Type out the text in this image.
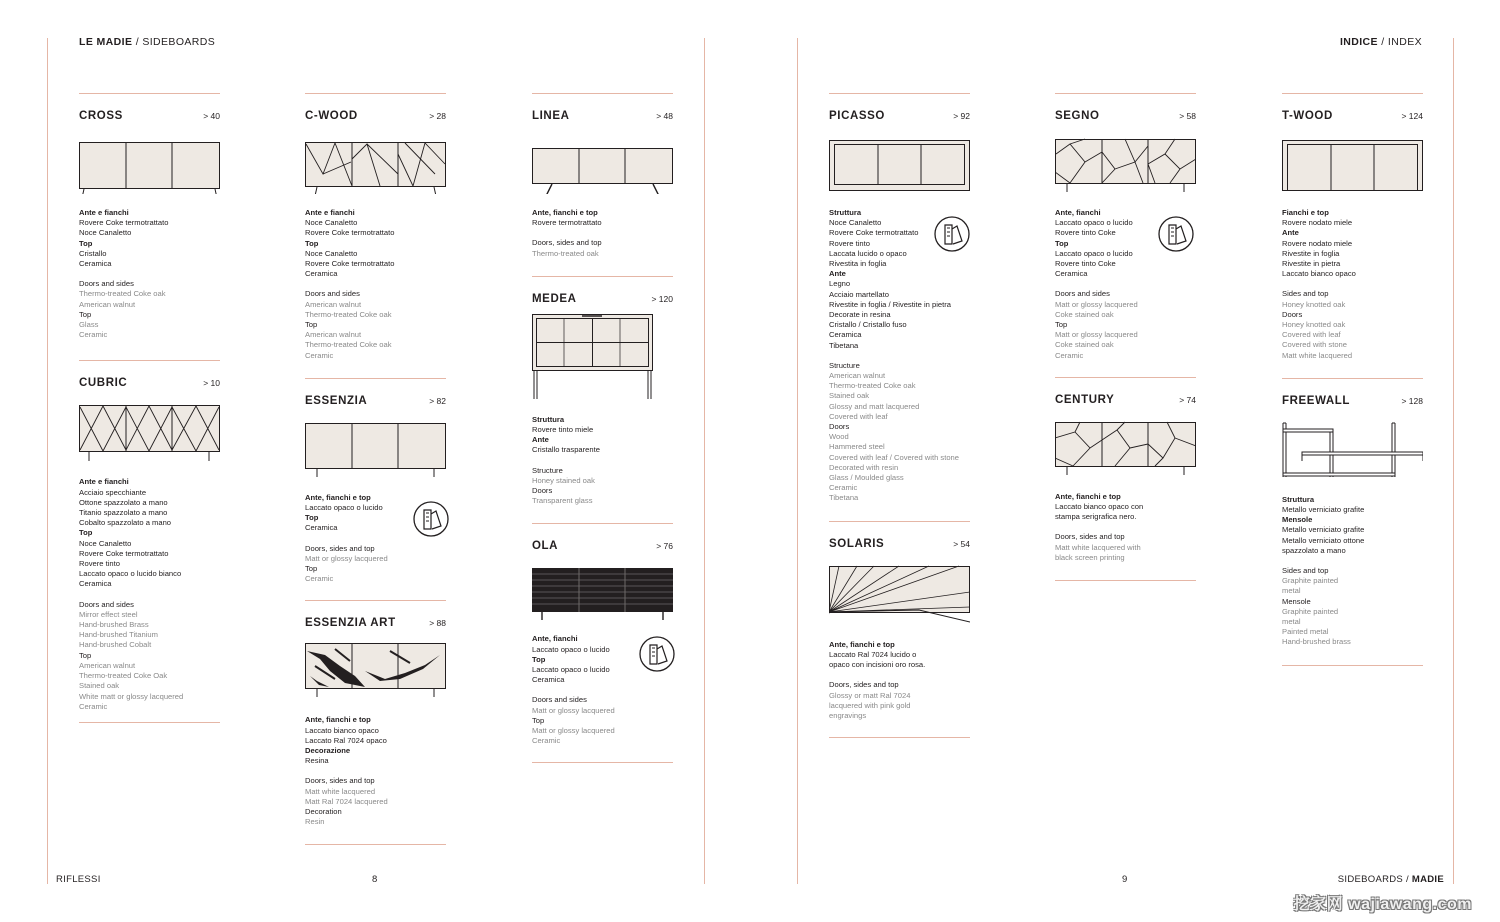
LE MADIE / SIDEBOARDS	INDICE / INDEX
CROSS	> 40
Ante e fianchi
Rovere Coke termotrattato
Noce Canaletto
Top
Cristallo
Ceramica
Doors and sides
Thermo-treated Coke oak
American walnut
Top
Glass
Ceramic
CUBRIC	> 10
Ante e fianchi
Acciaio specchiante
Ottone spazzolato a mano
Titanio spazzolato a mano
Cobalto spazzolato a mano
Top
Noce Canaletto
Rovere Coke termotrattato
Rovere tinto
Laccato opaco o lucido bianco
Ceramica
Doors and sides
Mirror effect steel
Hand-brushed Brass
Hand-brushed Titanium
Hand-brushed Cobalt
Top
American walnut
Thermo-treated Coke Oak
Stained oak
White matt or glossy lacquered
Ceramic
C-WOOD	> 28
Ante e fianchi
Noce Canaletto
Rovere Coke termotrattato
Top
Noce Canaletto
Rovere Coke termotrattato
Ceramica
Doors and sides
American walnut
Thermo-treated Coke oak
Top
American walnut
Thermo-treated Coke oak
Ceramic
ESSENZIA	> 82
Ante, fianchi e top
Laccato opaco o lucido
Top
Ceramica
Doors, sides and top
Matt or glossy lacquered
Top
Ceramic
ESSENZIA ART	> 88
Ante, fianchi e top
Laccato bianco opaco
Laccato Ral 7024 opaco
Decorazione
Resina
Doors, sides and top
Matt white lacquered
Matt Ral 7024 lacquered
Decoration
Resin
LINEA	> 48
Ante, fianchi e top
Rovere termotrattato
Doors, sides and top
Thermo-treated oak
MEDEA	> 120
Struttura
Rovere tinto miele
Ante
Cristallo trasparente
Structure
Honey stained oak
Doors
Transparent glass
OLA	> 76
Ante, fianchi
Laccato opaco o lucido
Top
Laccato opaco o lucido
Ceramica
Doors and sides
Matt or glossy lacquered
Top
Matt or glossy lacquered
Ceramic
PICASSO	> 92
Struttura
Noce Canaletto
Rovere Coke termotrattato
Rovere tinto
Laccata lucido o opaco
Rivestita in foglia
Ante
Legno
Acciaio martellato
Rivestite in foglia / Rivestite in pietra
Decorate in resina
Cristallo / Cristallo fuso
Ceramica
Tibetana
Structure
American walnut
Thermo-treated Coke oak
Stained oak
Glossy and matt lacquered
Covered with leaf
Doors
Wood
Hammered steel
Covered with leaf / Covered with stone
Decorated with resin
Glass / Moulded glass
Ceramic
Tibetana
SOLARIS	> 54
Ante, fianchi e top
Laccato Ral 7024 lucido o
opaco con incisioni oro rosa.
Doors, sides and top
Glossy or matt Ral 7024
lacquered with pink gold
engravings
SEGNO	> 58
Ante, fianchi
Laccato opaco o lucido
Rovere tinto Coke
Top
Laccato opaco o lucido
Rovere tinto Coke
Ceramica
Doors and sides
Matt or glossy lacquered
Coke stained oak
Top
Matt or glossy lacquered
Coke stained oak
Ceramic
CENTURY	> 74
Ante, fianchi e top
Laccato bianco opaco con
stampa serigrafica nero.
Doors, sides and top
Matt white lacquered with
black screen printing
T-WOOD	> 124
Fianchi e top
Rovere nodato miele
Ante
Rovere nodato miele
Rivestite in foglia
Rivestite in pietra
Laccato bianco opaco
Sides and top
Honey knotted oak
Doors
Honey knotted oak
Covered with leaf
Covered with stone
Matt white lacquered
FREEWALL	> 128
Struttura
Metallo verniciato grafite
Mensole
Metallo verniciato grafite
Metallo verniciato ottone
spazzolato a mano
Sides and top
Graphite painted
metal
Mensole
Graphite painted
metal
Painted metal
Hand-brushed brass
RIFLESSI	8	9	SIDEBOARDS / MADIE
挖家网 wajiawang.com
